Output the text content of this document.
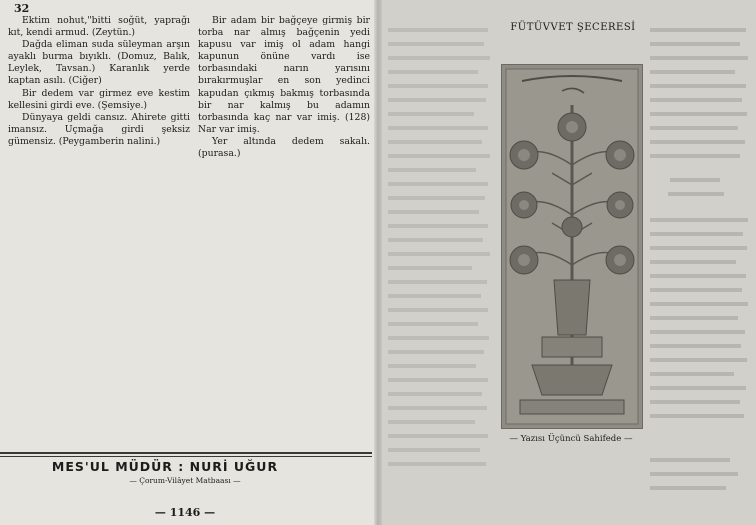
32

Ektim nohut,"bitti soğüt, yaprağı kıt, kendi armud. (Zeytün.)

Dağda eliman suda süleyman arşın ayaklı burma bıyıklı. (Domuz, Balık, Leylek, Tavsan.) Karanlık yerde kaptan asılı. (Ciğer)

Bir dedem var girmez eve kestim kellesini girdi eve. (Şemsiye.)

Dünyaya geldi cansız. Ahirete gitti imansız. Uçmağa girdi şeksiz gümensiz. (Peygamberin nalini.)

Bir adam bir bağçeye girmiş bir torba nar almış bağçenin yedi kapusu var imiş ol adam hangi kapunun önüne vardı ise torbasındaki narın yarısını bırakırmuşlar en son yedinci kapudan çıkmış bakmış torbasında bir nar kalmış bu adamın torbasında kaç nar var imiş. (128) Nar var imiş.

Yer altında dedem sakalı. (purasa.)

MES'UL MÜDÜR : NURİ UĞUR
— Çorum-Vilâyet Matbaası —
— 1146 —
FÜTÜVVET ŞECERESİ
— Yazısı Üçüncü Sahifede —
